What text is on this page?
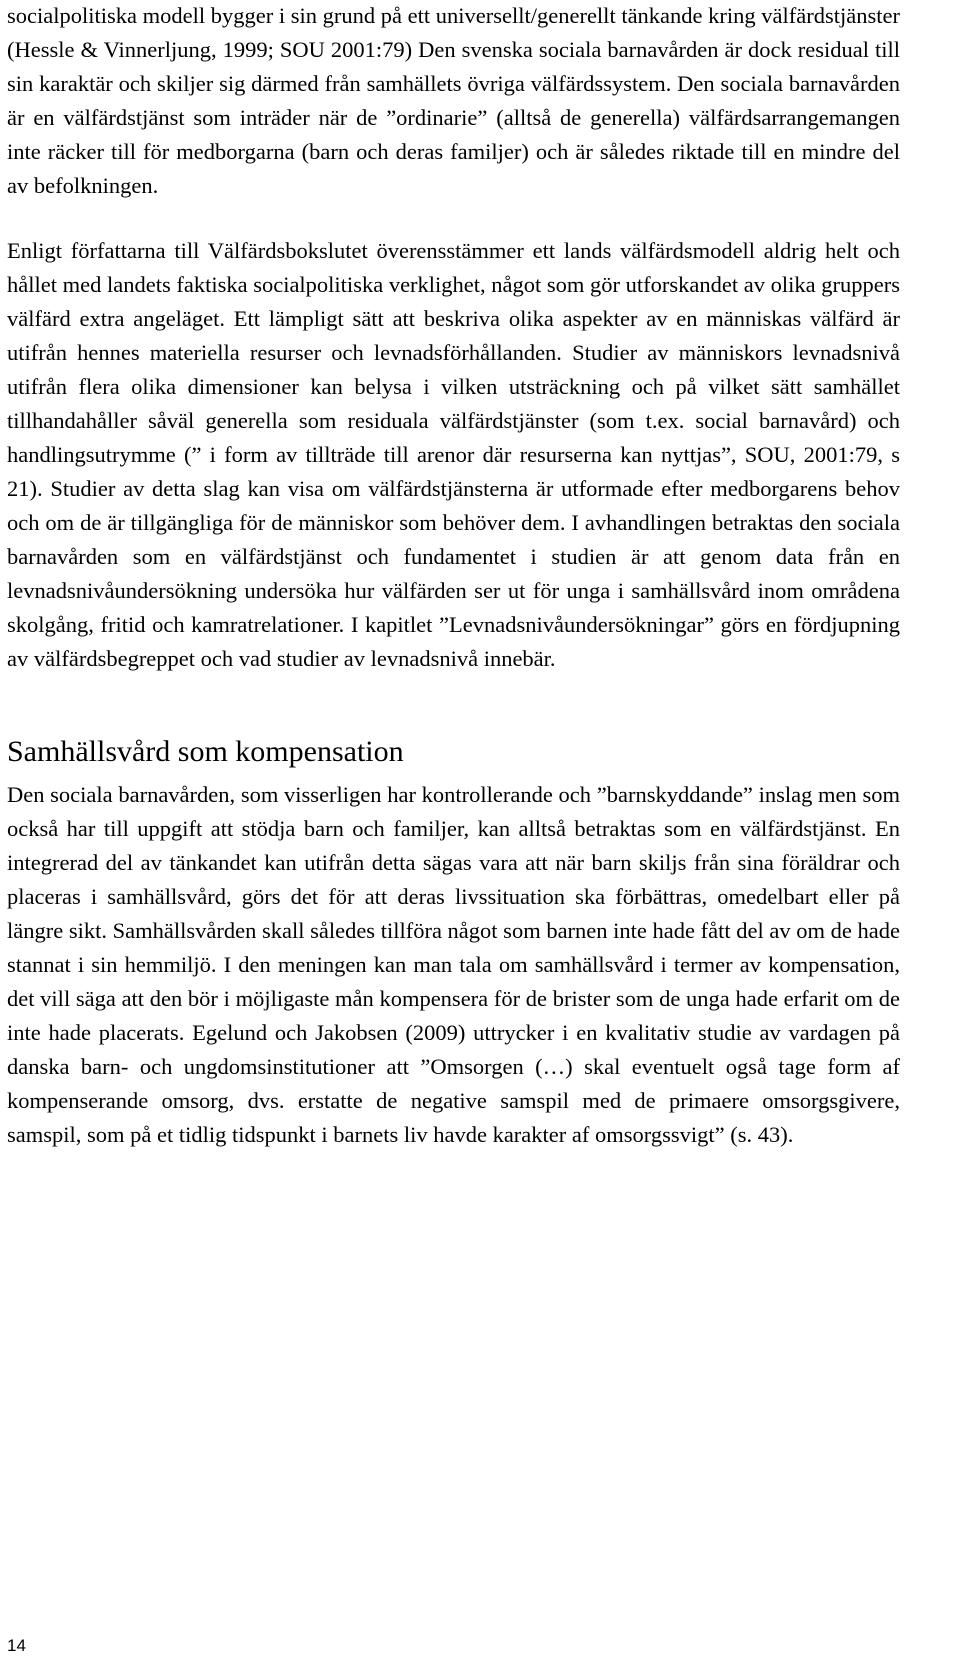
socialpolitiska modell bygger i sin grund på ett universellt/generellt tänkande kring välfärdstjänster (Hessle & Vinnerljung, 1999; SOU 2001:79) Den svenska sociala barnavården är dock residual till sin karaktär och skiljer sig därmed från samhällets övriga välfärdssystem. Den sociala barnavården är en välfärdstjänst som inträder när de ”ordinarie” (alltså de generella) välfärdsarrangemangen inte räcker till för medborgarna (barn och deras familjer) och är således riktade till en mindre del av befolkningen.

Enligt författarna till Välfärdsbokslutet överensstämmer ett lands välfärdsmodell aldrig helt och hållet med landets faktiska socialpolitiska verklighet, något som gör utforskandet av olika gruppers välfärd extra angeläget. Ett lämpligt sätt att beskriva olika aspekter av en människas välfärd är utifrån hennes materiella resurser och levnadsförhållanden. Studier av människors levnadsnivå utifrån flera olika dimensioner kan belysa i vilken utsträckning och på vilket sätt samhället tillhandahåller såväl generella som residuala välfärdstjänster (som t.ex. social barnavård) och handlingsutrymme (” i form av tillträde till arenor där resurserna kan nyttjas”, SOU, 2001:79, s 21). Studier av detta slag kan visa om välfärdstjänsterna är utformade efter medborgarens behov och om de är tillgängliga för de människor som behöver dem. I avhandlingen betraktas den sociala barnavården som en välfärdstjänst och fundamentet i studien är att genom data från en levnadsnivåundersökning undersöka hur välfärden ser ut för unga i samhällsvård inom områdena skolgång, fritid och kamratrelationer. I kapitlet ”Levnadsnivåundersökningar” görs en fördjupning av välfärdsbegreppet och vad studier av levnadsnivå innebär.

Samhällsvård som kompensation

Den sociala barnavården, som visserligen har kontrollerande och ”barnskyddande” inslag men som också har till uppgift att stödja barn och familjer, kan alltså betraktas som en välfärdstjänst. En integrerad del av tänkandet kan utifrån detta sägas vara att när barn skiljs från sina föräldrar och placeras i samhällsvård, görs det för att deras livssituation ska förbättras, omedelbart eller på längre sikt. Samhällsvården skall således tillföra något som barnen inte hade fått del av om de hade stannat i sin hemmiljö. I den meningen kan man tala om samhällsvård i termer av kompensation, det vill säga att den bör i möjligaste mån kompensera för de brister som de unga hade erfarit om de inte hade placerats. Egelund och Jakobsen (2009) uttrycker i en kvalitativ studie av vardagen på danska barn- och ungdomsinstitutioner att ”Omsorgen (…) skal eventuelt også tage form af kompenserande omsorg, dvs. erstatte de negative samspil med de primaere omsorgsgivere, samspil, som på et tidlig tidspunkt i barnets liv havde karakter af omsorgssvigt” (s. 43).

14
